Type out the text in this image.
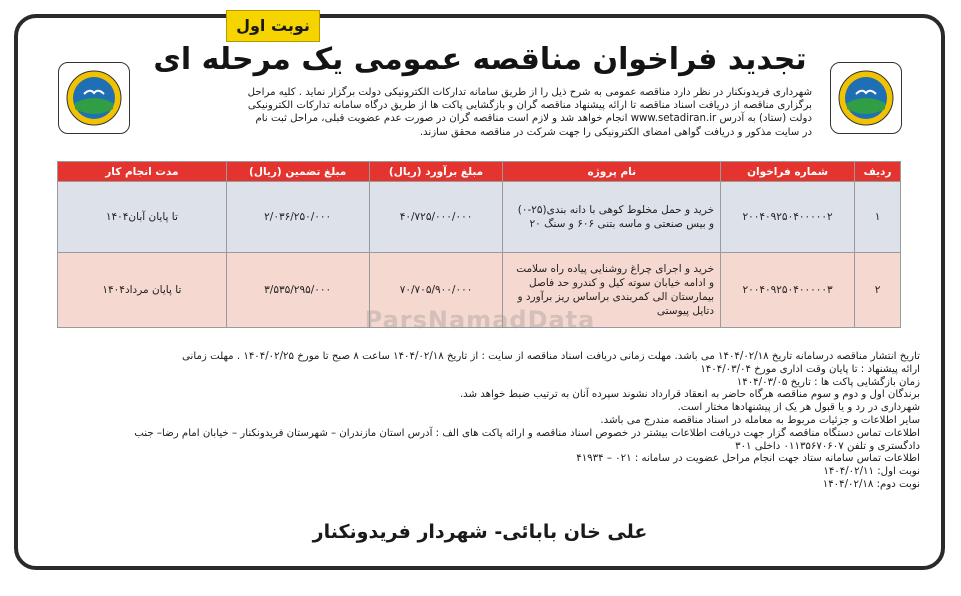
نوبت اول
تجدید فراخوان مناقصه عمومی یک مرحله ای
شهرداری فریدونکنار در نظر دارد مناقصه عمومی به شرح ذیل را از طریق سامانه تدارکات الکترونیکی دولت برگزار نماید . کلیه مراحل
برگزاری مناقصه از دریافت اسناد مناقصه تا ارائه پیشنهاد مناقصه گران و بازگشایی پاکت ها از طریق درگاه سامانه تدارکات الکترونیکی
دولت (ستاد) به آدرس www.setadiran.ir انجام خواهد شد و لازم است مناقصه گران در صورت عدم عضویت قبلی، مراحل ثبت نام
در سایت مذکور و دریافت گواهی امضای الکترونیکی را جهت شرکت در مناقصه محقق سازند.
ردیف	شماره فراخوان	نام پروژه	مبلغ برآورد (ریال)	مبلغ تضمین (ریال)	مدت انجام کار
۱	۲۰۰۴۰۹۲۵۰۴۰۰۰۰۰۲	خرید و حمل مخلوط کوهی با دانه بندی(۲۵-۰) و بیس صنعتی و ماسه بتنی ۶۰۶ و سنگ ۲۰	۴۰/۷۲۵/۰۰۰/۰۰۰	۲/۰۳۶/۲۵۰/۰۰۰	تا پایان آبان۱۴۰۴
۲	۲۰۰۴۰۹۲۵۰۴۰۰۰۰۰۳	خرید و اجرای چراغ روشنایی پیاده راه سلامت و ادامه خیابان سوته کیل و کندرو حد فاصل بیمارستان الی کمربندی براساس ریز برآورد و دتایل پیوستی	۷۰/۷۰۵/۹۰۰/۰۰۰	۳/۵۳۵/۲۹۵/۰۰۰	تا پایان مرداد۱۴۰۴
ParsNamadData
تاریخ انتشار مناقصه درسامانه تاریخ ۱۴۰۴/۰۲/۱۸ می باشد. مهلت زمانی دریافت اسناد مناقصه از سایت : از تاریخ ۱۴۰۴/۰۲/۱۸ ساعت ۸ صبح تا مورخ ۱۴۰۴/۰۲/۲۵ . مهلت زمانی
ارائه پیشنهاد : تا پایان وقت اداری مورخ ۱۴۰۴/۰۳/۰۴
زمان بازگشایی پاکت ها : تاریخ ۱۴۰۴/۰۳/۰۵
برندگان اول و دوم و سوم مناقصه هرگاه حاضر به انعقاد قرارداد نشوند سپرده آنان به ترتیب ضبط خواهد شد.
شهرداری در رد و یا قبول هر یک از پیشنهادها مختار است.
سایر اطلاعات و جزئیات مربوط به معامله در اسناد مناقصه مندرج می باشد.
اطلاعات تماس دستگاه مناقصه گزار جهت دریافت اطلاعات بیشتر در خصوص اسناد مناقصه و ارائه پاکت های الف : آدرس استان مازندران – شهرستان فریدونکنار – خیابان امام رضا– جنب
دادگستری و تلفن ۰۱۱۳۵۶۷۰۶۰۷ داخلی ۳۰۱
اطلاعات تماس سامانه ستاد جهت انجام مراحل عضویت در سامانه : ۰۲۱ – ۴۱۹۳۴
نوبت اول: ۱۴۰۴/۰۲/۱۱
نوبت دوم: ۱۴۰۴/۰۲/۱۸
علی خان بابائی- شهردار فریدونکنار
